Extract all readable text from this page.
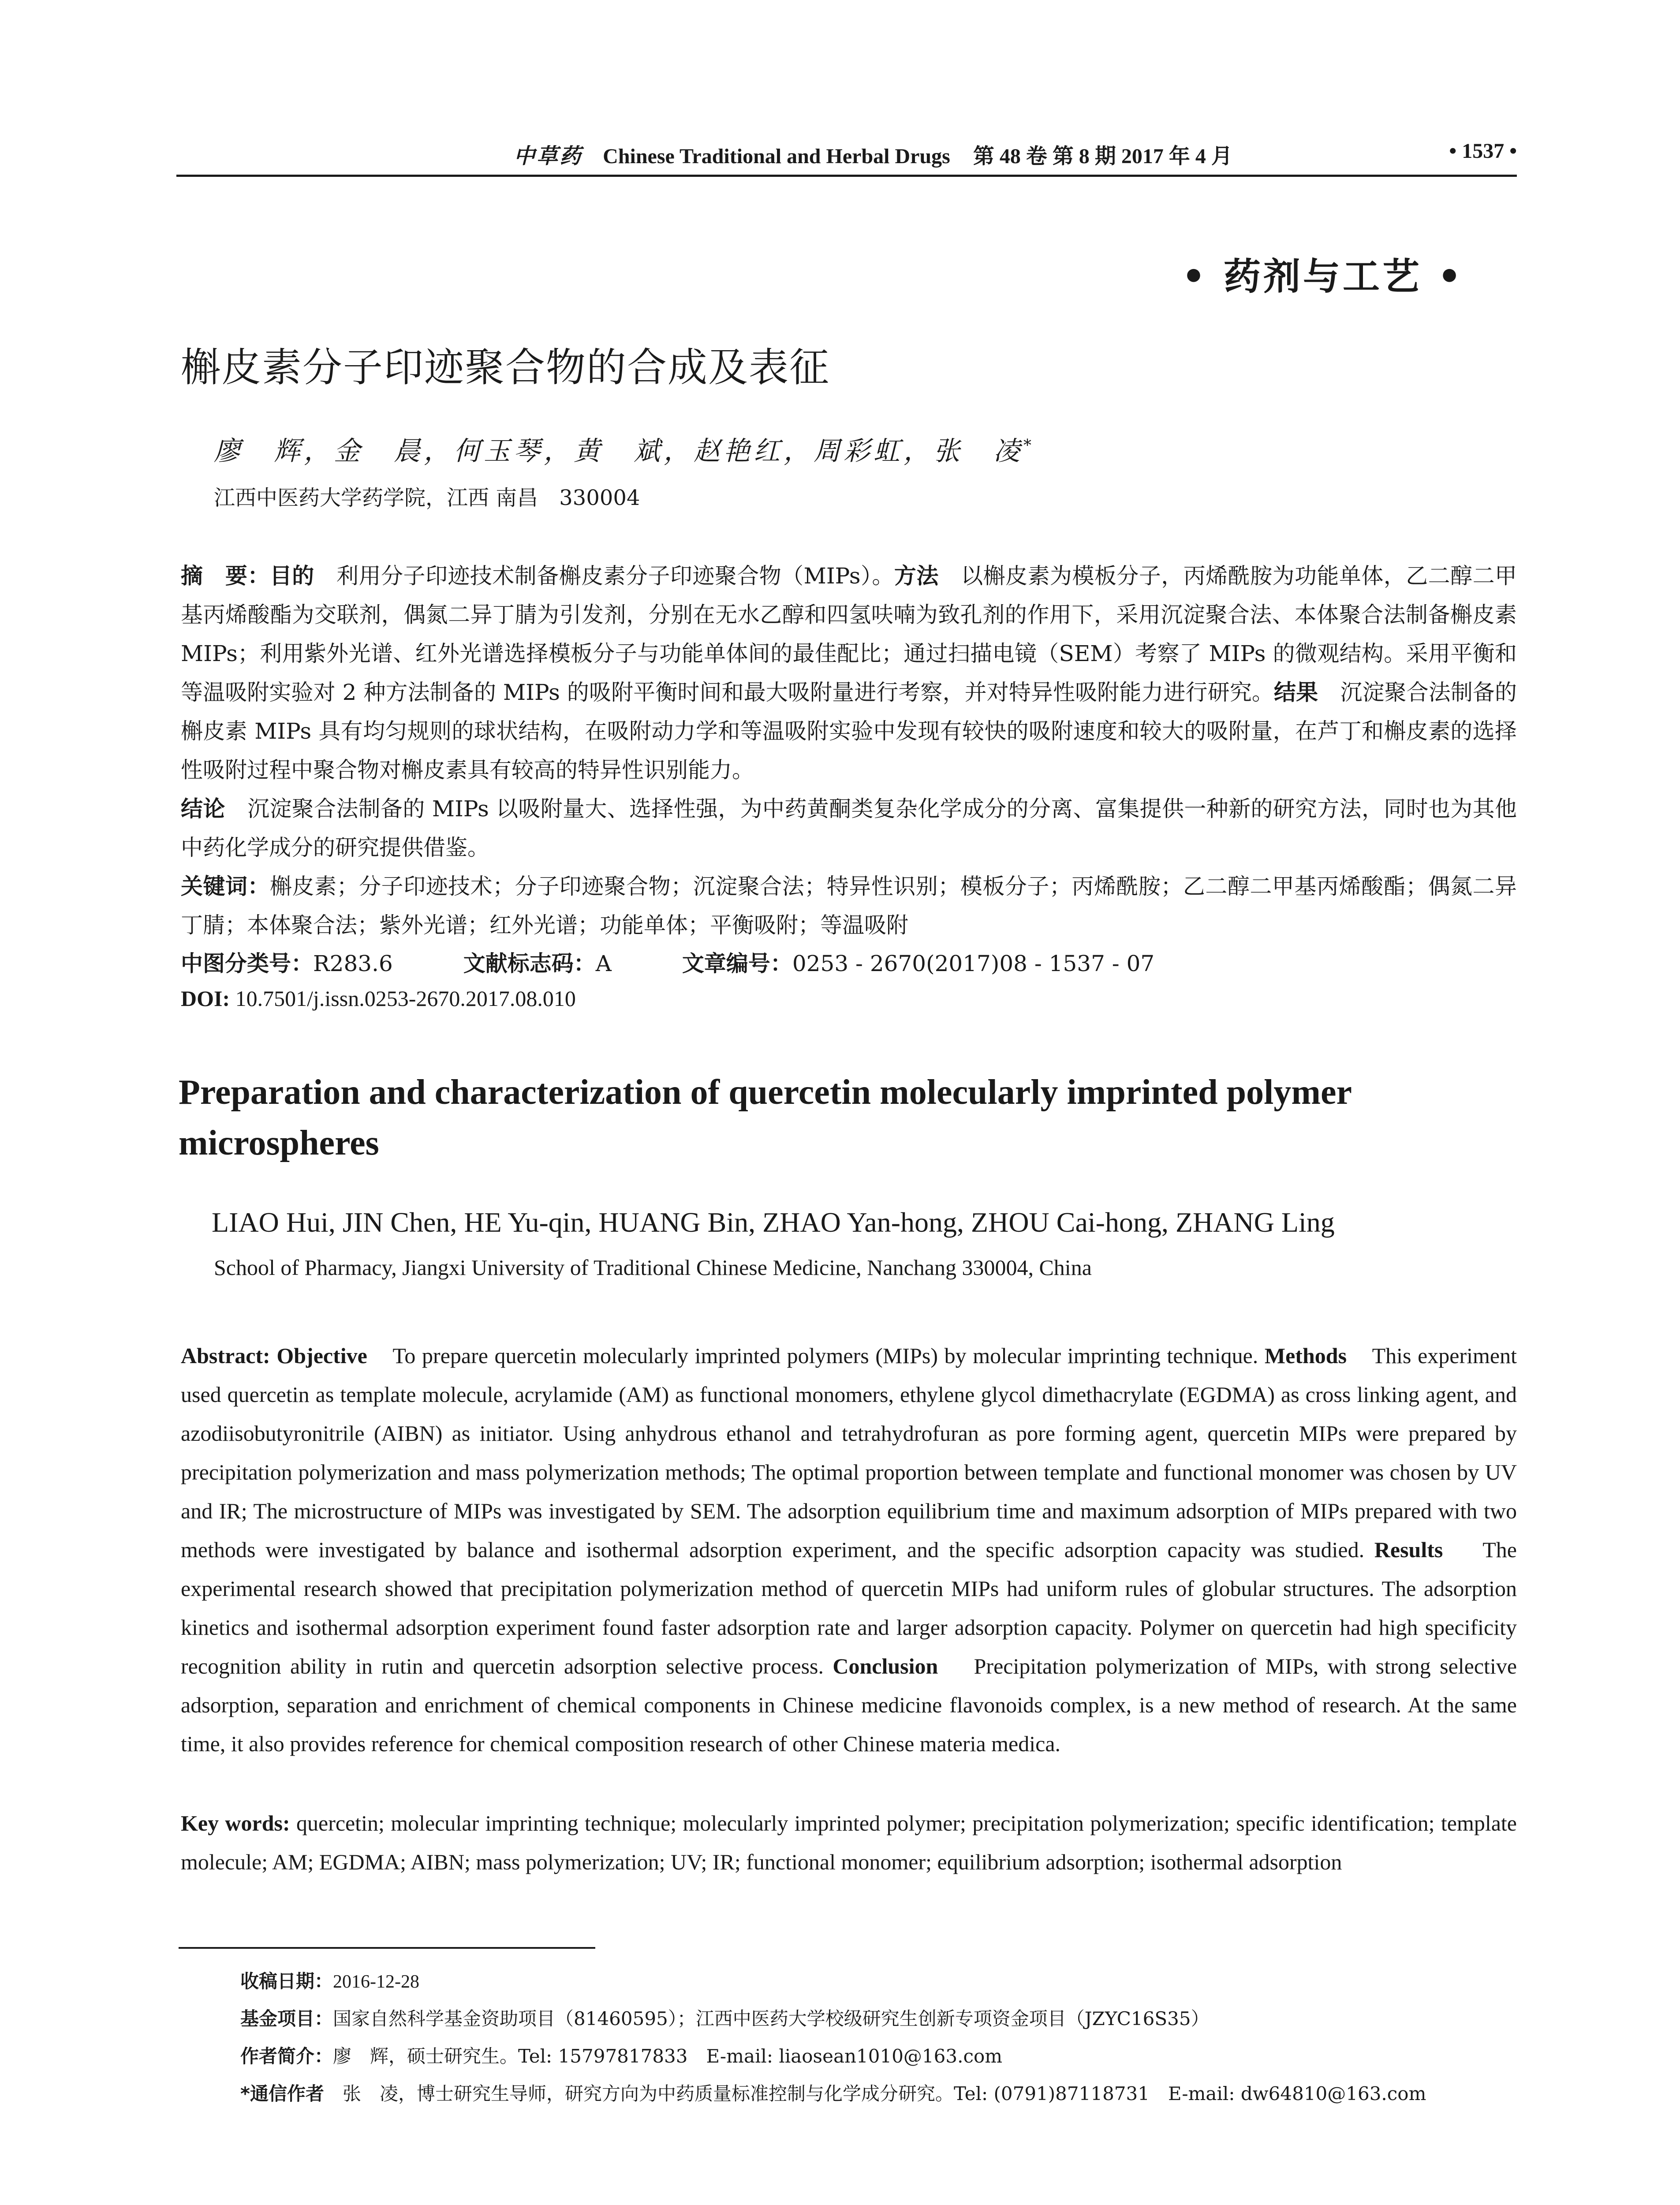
中草药 Chinese Traditional and Herbal Drugs 第 48 卷 第 8 期 2017 年 4 月	• 1537 •
• 药剂与工艺 •
槲皮素分子印迹聚合物的合成及表征
廖　辉，金　晨，何玉琴，黄　斌，赵艳红，周彩虹，张　凌*
江西中医药大学药学院，江西 南昌　330004
摘　要：目的　 利用分子印迹技术制备槲皮素分子印迹聚合物（MIPs）。方法　 以槲皮素为模板分子，丙烯酰胺为功能单体，乙二醇二甲基丙烯酸酯为交联剂，偶氮二异丁腈为引发剂，分别在无水乙醇和四氢呋喃为致孔剂的作用下，采用沉淀聚合法、本体聚合法制备槲皮素 MIPs；利用紫外光谱、红外光谱选择模板分子与功能单体间的最佳配比；通过扫描电镜（SEM）考察了 MIPs 的微观结构。采用平衡和等温吸附实验对 2 种方法制备的 MIPs 的吸附平衡时间和最大吸附量进行考察，并对特异性吸附能力进行研究。结果　 沉淀聚合法制备的槲皮素 MIPs 具有均匀规则的球状结构，在吸附动力学和等温吸附实验中发现有较快的吸附速度和较大的吸附量，在芦丁和槲皮素的选择性吸附过程中聚合物对槲皮素具有较高的特异性识别能力。
结论　 沉淀聚合法制备的 MIPs 以吸附量大、选择性强，为中药黄酮类复杂化学成分的分离、富集提供一种新的研究方法，同时也为其他中药化学成分的研究提供借鉴。
关键词：槲皮素；分子印迹技术；分子印迹聚合物；沉淀聚合法；特异性识别；模板分子；丙烯酰胺；乙二醇二甲基丙烯酸酯；偶氮二异丁腈；本体聚合法；紫外光谱；红外光谱；功能单体；平衡吸附；等温吸附
中图分类号：R283.6	文献标志码：A	文章编号：0253 - 2670(2017)08 - 1537 - 07
DOI: 10.7501/j.issn.0253-2670.2017.08.010
Preparation and characterization of quercetin molecularly imprinted polymer microspheres
LIAO Hui, JIN Chen, HE Yu-qin, HUANG Bin, ZHAO Yan-hong, ZHOU Cai-hong, ZHANG Ling
School of Pharmacy, Jiangxi University of Traditional Chinese Medicine, Nanchang 330004, China
Abstract: Objective To prepare quercetin molecularly imprinted polymers (MIPs) by molecular imprinting technique. Methods This experiment used quercetin as template molecule, acrylamide (AM) as functional monomers, ethylene glycol dimethacrylate (EGDMA) as cross linking agent, and azodiisobutyronitrile (AIBN) as initiator. Using anhydrous ethanol and tetrahydrofuran as pore forming agent, quercetin MIPs were prepared by precipitation polymerization and mass polymerization methods; The optimal proportion between template and functional monomer was chosen by UV and IR; The microstructure of MIPs was investigated by SEM. The adsorption equilibrium time and maximum adsorption of MIPs prepared with two methods were investigated by balance and isothermal adsorption experiment, and the specific adsorption capacity was studied. Results The experimental research showed that precipitation polymerization method of quercetin MIPs had uniform rules of globular structures. The adsorption kinetics and isothermal adsorption experiment found faster adsorption rate and larger adsorption capacity. Polymer on quercetin had high specificity recognition ability in rutin and quercetin adsorption selective process. Conclusion Precipitation polymerization of MIPs, with strong selective adsorption, separation and enrichment of chemical components in Chinese medicine flavonoids complex, is a new method of research. At the same time, it also provides reference for chemical composition research of other Chinese materia medica.
Key words: quercetin; molecular imprinting technique; molecularly imprinted polymer; precipitation polymerization; specific identification; template molecule; AM; EGDMA; AIBN; mass polymerization; UV; IR; functional monomer; equilibrium adsorption; isothermal adsorption
收稿日期：2016-12-28
基金项目：国家自然科学基金资助项目（81460595）；江西中医药大学校级研究生创新专项资金项目（JZYC16S35）
作者简介：廖　辉，硕士研究生。Tel: 15797817833　E-mail: liaosean1010@163.com
*通信作者　 张　凌，博士研究生导师，研究方向为中药质量标准控制与化学成分研究。Tel: (0791)87118731　E-mail: dw64810@163.com
